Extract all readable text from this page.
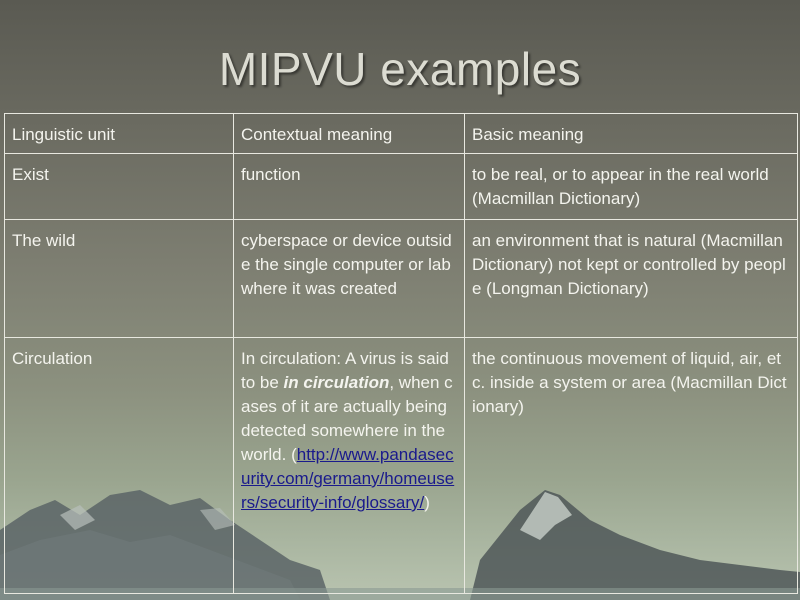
MIPVU examples
Linguistic unit	Contextual meaning	Basic meaning
Exist	function	to be real, or to appear in the real world (Macmillan Dictionary)
The wild	cyberspace or device outside the single computer or lab where it was created	an environment that is natural (Macmillan Dictionary) not kept or controlled by people (Longman Dictionary)
Circulation	In circulation: A virus is said to be in circulation, when cases of it are actually being detected somewhere in the world. (http://www.pandasecurity.com/germany/homeusers/security-info/glossary/)	the continuous movement of liquid, air, etc. inside a system or area (Macmillan Dictionary)
